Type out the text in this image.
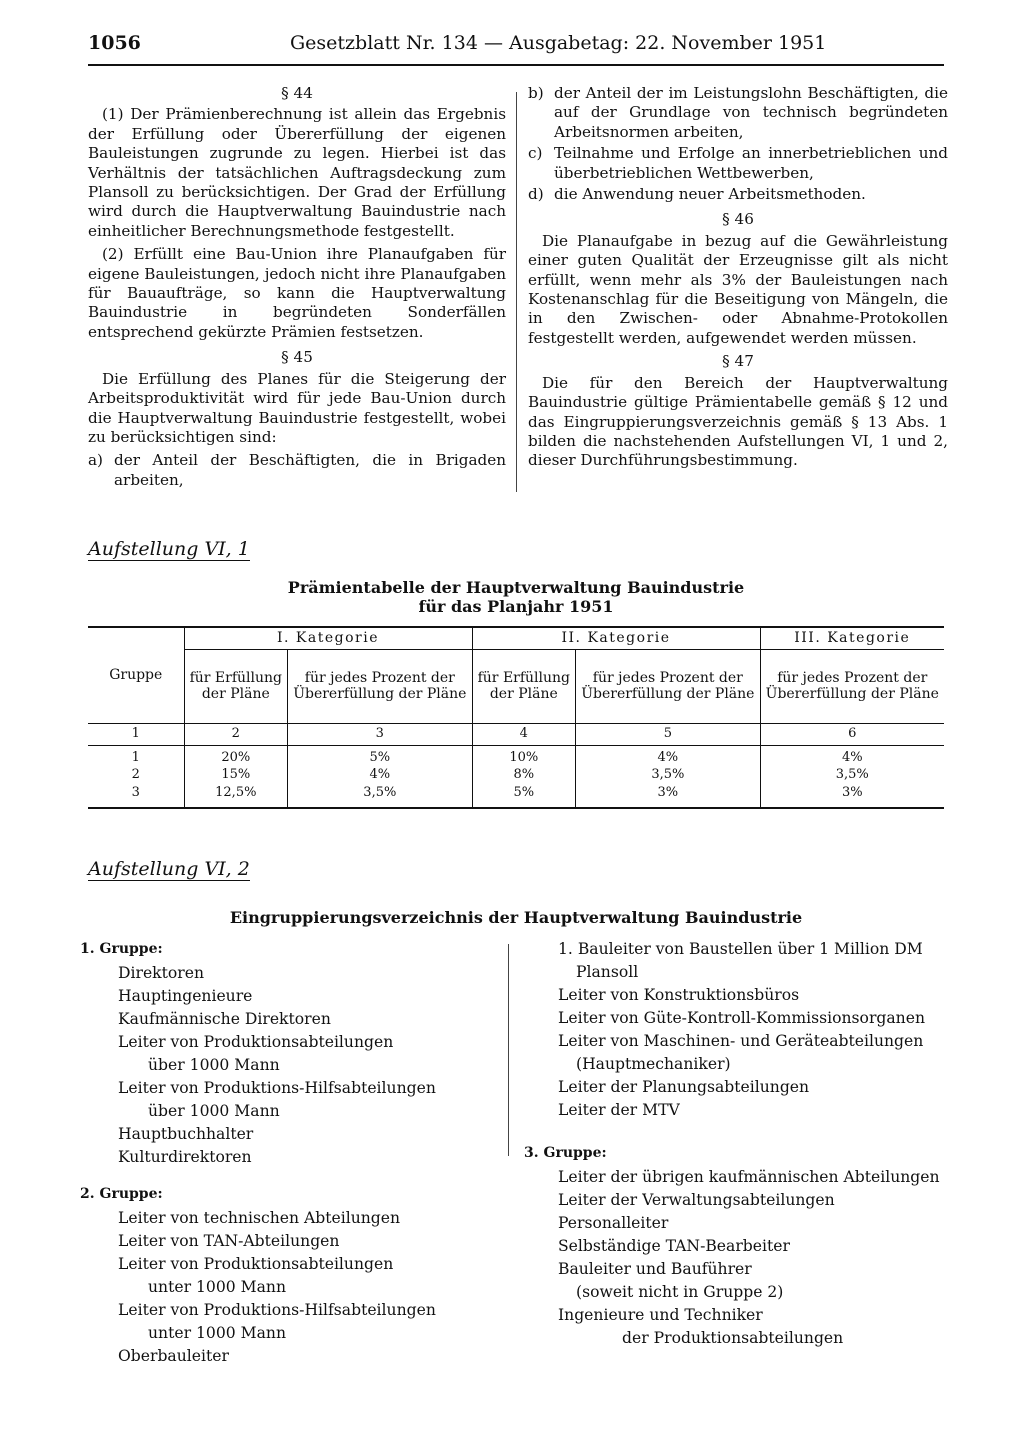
1056	Gesetzblatt Nr. 134 — Ausgabetag: 22. November 1951
§ 44

(1) Der Prämienberechnung ist allein das Ergebnis der Erfüllung oder Übererfüllung der eigenen Bauleistungen zugrunde zu legen. Hierbei ist das Verhältnis der tatsächlichen Auftragsdeckung zum Plansoll zu berücksichtigen. Der Grad der Erfüllung wird durch die Hauptverwaltung Bauindustrie nach einheitlicher Berechnungsmethode festgestellt.

(2) Erfüllt eine Bau-Union ihre Planaufgaben für eigene Bauleistungen, jedoch nicht ihre Planaufgaben für Bauaufträge, so kann die Hauptverwaltung Bauindustrie in begründeten Sonderfällen entsprechend gekürzte Prämien festsetzen.

§ 45

Die Erfüllung des Planes für die Steigerung der Arbeitsproduktivität wird für jede Bau-Union durch die Hauptverwaltung Bauindustrie festgestellt, wobei zu berücksichtigen sind:

a) der Anteil der Beschäftigten, die in Brigaden arbeiten,
b) der Anteil der im Leistungslohn Beschäftigten, die auf der Grundlage von technisch begründeten Arbeitsnormen arbeiten,
c) Teilnahme und Erfolge an innerbetrieblichen und überbetrieblichen Wettbewerben,
d) die Anwendung neuer Arbeitsmethoden.
§ 46

Die Planaufgabe in bezug auf die Gewährleistung einer guten Qualität der Erzeugnisse gilt als nicht erfüllt, wenn mehr als 3% der Bauleistungen nach Kostenanschlag für die Beseitigung von Mängeln, die in den Zwischen- oder Abnahme-Protokollen festgestellt werden, aufgewendet werden müssen.

§ 47

Die für den Bereich der Hauptverwaltung Bauindustrie gültige Prämientabelle gemäß § 12 und das Eingruppierungsverzeichnis gemäß § 13 Abs. 1 bilden die nachstehenden Aufstellungen VI, 1 und 2, dieser Durchführungsbestimmung.

Aufstellung VI, 1
Prämientabelle der Hauptverwaltung Bauindustrie
für das Planjahr 1951
Gruppe	I. Kategorie		II. Kategorie		III. Kategorie
	für Erfüllung der Pläne	für jedes Prozent der Übererfüllung der Pläne	für Erfüllung der Pläne	für jedes Prozent der Übererfüllung der Pläne	für jedes Prozent der Übererfüllung der Pläne
1	2	3	4	5	6
1	20%	5%	10%	4%	4%
2	15%	4%	8%	3,5%	3,5%
3	12,5%	3,5%	5%	3%	3%
Aufstellung VI, 2
Eingruppierungsverzeichnis der Hauptverwaltung Bauindustrie
1. Gruppe:
Direktoren
Hauptingenieure
Kaufmännische Direktoren
Leiter von Produktionsabteilungen
über 1000 Mann
Leiter von Produktions-Hilfsabteilungen
über 1000 Mann
Hauptbuchhalter
Kulturdirektoren
2. Gruppe:
Leiter von technischen Abteilungen
Leiter von TAN-Abteilungen
Leiter von Produktionsabteilungen
unter 1000 Mann
Leiter von Produktions-Hilfsabteilungen
unter 1000 Mann
Oberbauleiter
1. Bauleiter von Baustellen über 1 Million DM
Plansoll
Leiter von Konstruktionsbüros
Leiter von Güte-Kontroll-Kommissionsorganen
Leiter von Maschinen- und Geräteabteilungen
(Hauptmechaniker)
Leiter der Planungsabteilungen
Leiter der MTV
3. Gruppe:
Leiter der übrigen kaufmännischen Abteilungen
Leiter der Verwaltungsabteilungen
Personalleiter
Selbständige TAN-Bearbeiter
Bauleiter und Bauführer
(soweit nicht in Gruppe 2)
Ingenieure und Techniker
der Produktionsabteilungen
